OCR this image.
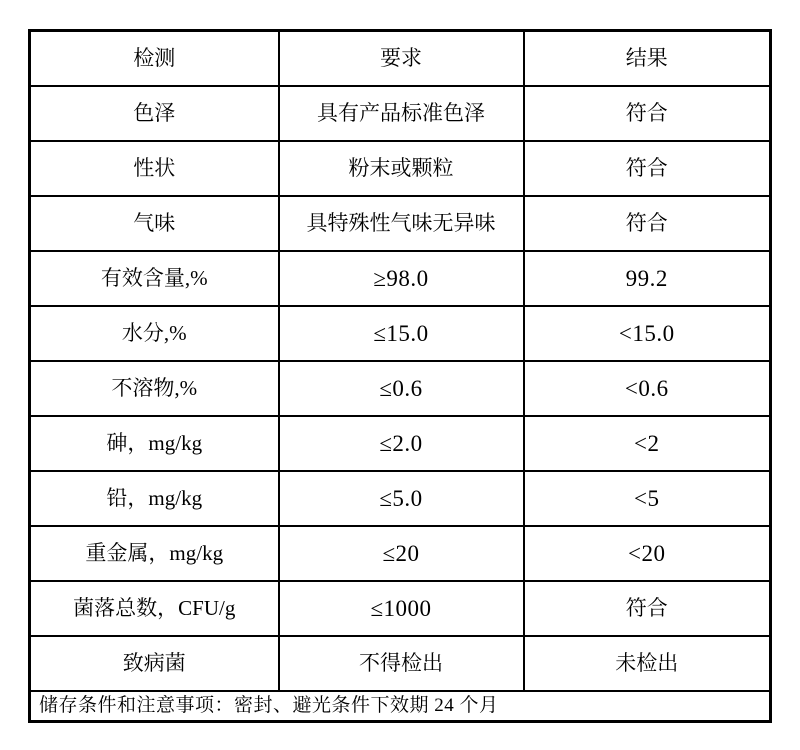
检测	要求	结果
色泽	具有产品标准色泽	符合
性状	粉末或颗粒	符合
气味	具特殊性气味无异味	符合
有效含量,%	≥98.0	99.2
水分,%	≤15.0	<15.0
不溶物,%	≤0.6	<0.6
砷，mg/kg	≤2.0	<2
铅，mg/kg	≤5.0	<5
重金属，mg/kg	≤20	<20
菌落总数，CFU/g	≤1000	符合
致病菌	不得检出	未检出
储存条件和注意事项：密封、避光条件下效期 24 个月		
